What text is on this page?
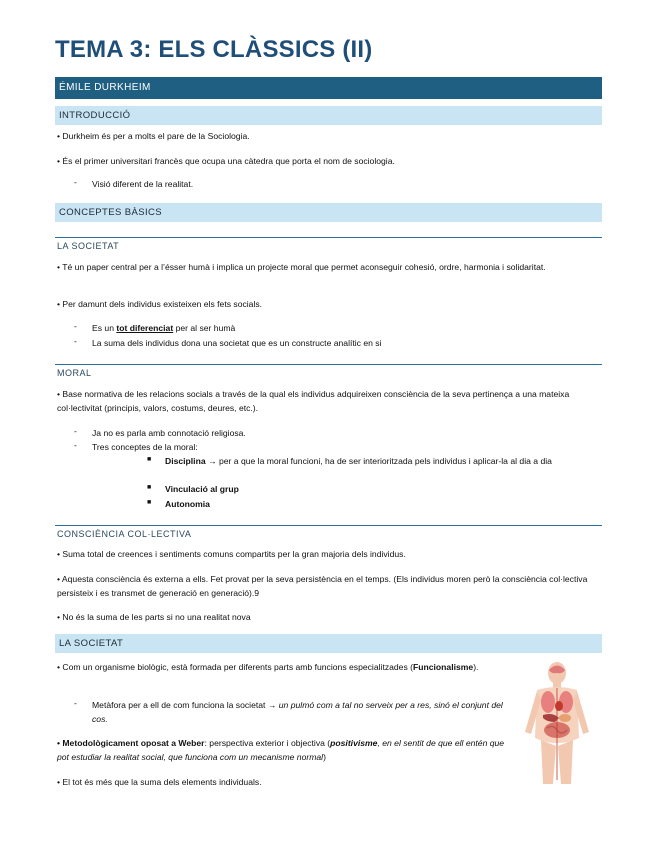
TEMA 3: ELS CLÀSSICS (II)
ÉMILE DURKHEIM
INTRODUCCIÓ
• Durkheim és per a molts el pare de la Sociologia.
• És el primer universitari francès que ocupa una càtedra que porta el nom de sociologia.
- Visió diferent de la realitat.
CONCEPTES BÀSICS
LA SOCIETAT
• Té un paper central per a l’ésser humà i implica un projecte moral que permet aconseguir cohesió, ordre, harmonia i solidaritat.
• Per damunt dels individus existeixen els fets socials.
- Es un tot diferenciat per al ser humà
- La suma dels individus dona una societat que es un constructe analític en si
MORAL
• Base normativa de les relacions socials a través de la qual els individus adquireixen consciència de la seva pertinença a una mateixa col·lectivitat (principis, valors, costums, deures, etc.).
- Ja no es parla amb connotació religiosa.
- Tres conceptes de la moral:
■ Disciplina → per a que la moral funcioni, ha de ser interioritzada pels individus i aplicar-la al dia a dia
■ Vinculació al grup
■ Autonomia
CONSCIÈNCIA COL·LECTIVA
• Suma total de creences i sentiments comuns compartits per la gran majoria dels individus.
• Aquesta consciència és externa a ells. Fet provat per la seva persistència en el temps. (Els individus moren però la consciència col·lectiva persisteix i es transmet de generació en generació).9
• No és la suma de les parts si no una realitat nova
LA SOCIETAT
• Com un organisme biològic, està formada per diferents parts amb funcions especialitzades (Funcionalisme).
- Metàfora per a ell de com funciona la societat → un pulmó com a tal no serveix per a res, sinó el conjunt del cos.
• Metodològicament oposat a Weber: perspectiva exterior i objectiva (positivisme, en el sentit de que ell entén que pot estudiar la realitat social, que funciona com un mecanisme normal)
• El tot és més que la suma dels elements individuals.
